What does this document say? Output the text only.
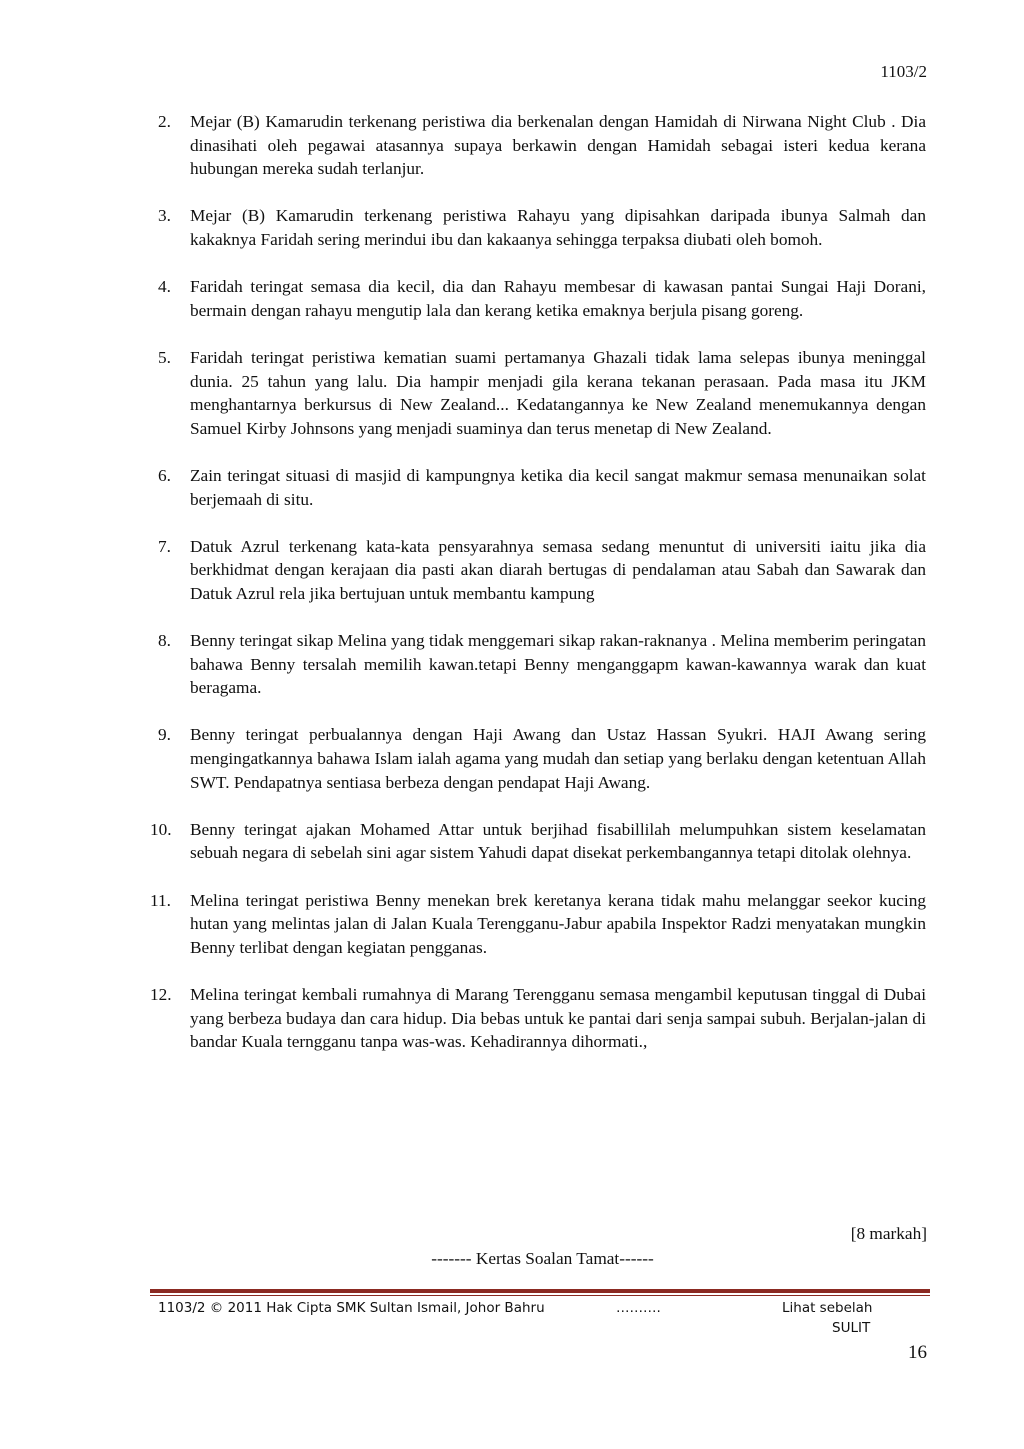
1103/2
2.	Mejar (B) Kamarudin terkenang peristiwa dia berkenalan dengan Hamidah di Nirwana Night Club . Dia dinasihati oleh pegawai atasannya supaya berkawin dengan Hamidah sebagai isteri kedua kerana hubungan mereka sudah terlanjur.
3.	Mejar (B) Kamarudin terkenang peristiwa Rahayu yang dipisahkan daripada ibunya Salmah dan kakaknya Faridah sering merindui ibu dan kakaanya sehingga terpaksa diubati oleh bomoh.
4.	Faridah teringat semasa dia kecil, dia dan Rahayu membesar di kawasan pantai Sungai Haji Dorani, bermain dengan rahayu mengutip lala dan kerang ketika emaknya berjula pisang goreng.
5.	Faridah teringat peristiwa kematian suami pertamanya Ghazali tidak lama selepas ibunya meninggal dunia. 25 tahun yang lalu. Dia hampir menjadi gila kerana tekanan perasaan. Pada masa itu JKM menghantarnya berkursus di New Zealand... Kedatangannya ke New Zealand menemukannya dengan Samuel Kirby Johnsons yang menjadi suaminya dan terus menetap di New Zealand.
6.	Zain teringat situasi di masjid di kampungnya ketika dia kecil sangat makmur semasa menunaikan solat berjemaah di situ.
7.	Datuk Azrul terkenang kata-kata pensyarahnya semasa sedang menuntut di universiti iaitu jika dia berkhidmat dengan kerajaan dia pasti akan diarah bertugas di pendalaman atau Sabah dan Sawarak dan Datuk Azrul rela jika bertujuan untuk membantu kampung
8.	Benny teringat sikap Melina yang tidak menggemari sikap rakan-raknanya . Melina memberim peringatan bahawa Benny tersalah memilih kawan.tetapi Benny menganggapm kawan-kawannya warak dan kuat beragama.
9.	Benny teringat perbualannya dengan Haji Awang dan Ustaz Hassan Syukri. HAJI Awang sering mengingatkannya bahawa Islam ialah agama yang mudah dan setiap yang berlaku dengan ketentuan Allah SWT. Pendapatnya sentiasa berbeza dengan pendapat Haji Awang.
10.	Benny teringat ajakan Mohamed Attar untuk berjihad fisabillilah melumpuhkan sistem keselamatan sebuah negara di sebelah sini agar sistem Yahudi dapat disekat perkembangannya tetapi ditolak olehnya.
11.	Melina teringat peristiwa Benny menekan brek keretanya kerana tidak mahu melanggar seekor kucing hutan yang melintas jalan di Jalan Kuala Terengganu-Jabur apabila Inspektor Radzi menyatakan mungkin Benny terlibat dengan kegiatan pengganas.
12.	Melina teringat kembali rumahnya di Marang Terengganu semasa mengambil keputusan tinggal di Dubai yang berbeza budaya dan cara hidup. Dia bebas untuk ke pantai dari senja sampai subuh. Berjalan-jalan di bandar Kuala terngganu tanpa was-was. Kehadirannya dihormati.,
[8 markah]
------- Kertas Soalan Tamat------
1103/2 © 2011 Hak Cipta SMK Sultan Ismail, Johor Bahru	……….	Lihat sebelah
SULIT
16
